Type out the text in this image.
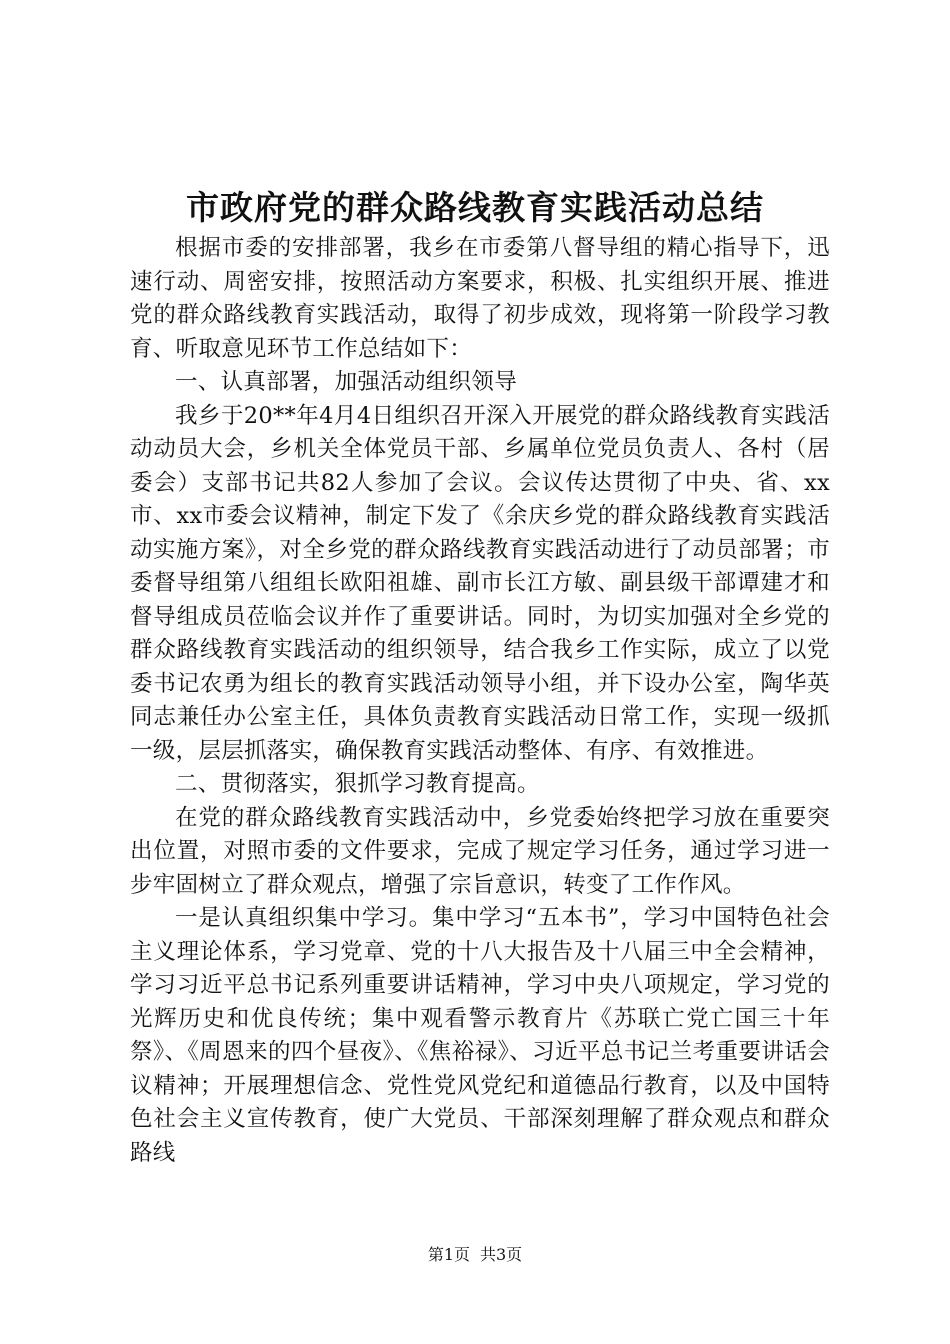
市政府党的群众路线教育实践活动总结

根据市委的安排部署，我乡在市委第八督导组的精心指导下，迅速行动、周密安排，按照活动方案要求，积极、扎实组织开展、推进党的群众路线教育实践活动，取得了初步成效，现将第一阶段学习教育、听取意见环节工作总结如下：

一、认真部署，加强活动组织领导

我乡于20**年4月4日组织召开深入开展党的群众路线教育实践活动动员大会，乡机关全体党员干部、乡属单位党员负责人、各村（居委会）支部书记共82人参加了会议。会议传达贯彻了中央、省、xx市、xx市委会议精神，制定下发了《余庆乡党的群众路线教育实践活动实施方案》，对全乡党的群众路线教育实践活动进行了动员部署；市委督导组第八组组长欧阳祖雄、副市长江方敏、副县级干部谭建才和督导组成员莅临会议并作了重要讲话。同时，为切实加强对全乡党的群众路线教育实践活动的组织领导，结合我乡工作实际，成立了以党委书记农勇为组长的教育实践活动领导小组，并下设办公室，陶华英同志兼任办公室主任，具体负责教育实践活动日常工作，实现一级抓一级，层层抓落实，确保教育实践活动整体、有序、有效推进。

二、贯彻落实，狠抓学习教育提高。

在党的群众路线教育实践活动中，乡党委始终把学习放在重要突出位置，对照市委的文件要求，完成了规定学习任务，通过学习进一步牢固树立了群众观点，增强了宗旨意识，转变了工作作风。

一是认真组织集中学习。集中学习“五本书”，学习中国特色社会主义理论体系，学习党章、党的十八大报告及十八届三中全会精神，学习习近平总书记系列重要讲话精神，学习中央八项规定，学习党的光辉历史和优良传统；集中观看警示教育片《苏联亡党亡国三十年祭》、《周恩来的四个昼夜》、《焦裕禄》、习近平总书记兰考重要讲话会议精神；开展理想信念、党性党风党纪和道德品行教育，以及中国特色社会主义宣传教育，使广大党员、干部深刻理解了群众观点和群众路线

第1页 共3页
